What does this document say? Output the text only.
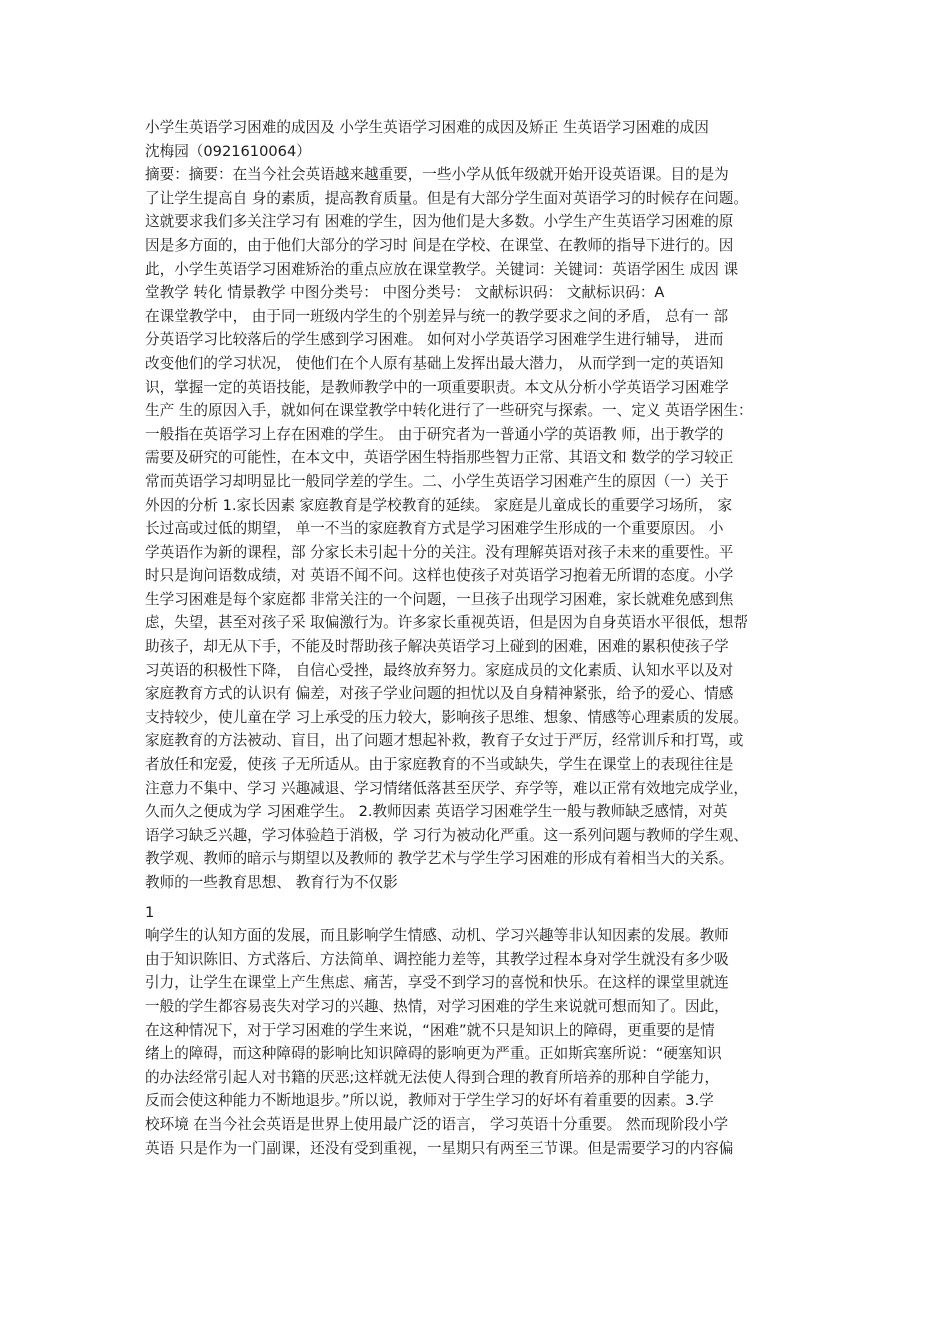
小学生英语学习困难的成因及 小学生英语学习困难的成因及矫正 生英语学习困难的成因
沈梅园（0921610064）
摘要：摘要：在当今社会英语越来越重要，一些小学从低年级就开始开设英语课。目的是为
了让学生提高自 身的素质，提高教育质量。但是有大部分学生面对英语学习的时候存在问题。
这就要求我们多关注学习有 困难的学生，因为他们是大多数。小学生产生英语学习困难的原
因是多方面的，由于他们大部分的学习时 间是在学校、在课堂、在教师的指导下进行的。因
此，小学生英语学习困难矫治的重点应放在课堂教学。关键词：关键词：英语学困生 成因 课
堂教学 转化 情景教学 中图分类号： 中图分类号： 文献标识码： 文献标识码：A
在课堂教学中， 由于同一班级内学生的个别差异与统一的教学要求之间的矛盾， 总有一 部
分英语学习比较落后的学生感到学习困难。 如何对小学英语学习困难学生进行辅导， 进而
改变他们的学习状况， 使他们在个人原有基础上发挥出最大潜力， 从而学到一定的英语知
识，掌握一定的英语技能，是教师教学中的一项重要职责。本文从分析小学英语学习困难学
生产 生的原因入手，就如何在课堂教学中转化进行了一些研究与探索。一、定义 英语学困生：
一般指在英语学习上存在困难的学生。 由于研究者为一普通小学的英语教 师，出于教学的
需要及研究的可能性，在本文中，英语学困生特指那些智力正常、其语文和 数学的学习较正
常而英语学习却明显比一般同学差的学生。二、小学生英语学习困难产生的原因（一）关于
外因的分析 1.家长因素 家庭教育是学校教育的延续。 家庭是儿童成长的重要学习场所， 家
长过高或过低的期望， 单一不当的家庭教育方式是学习困难学生形成的一个重要原因。 小
学英语作为新的课程，部 分家长未引起十分的关注。没有理解英语对孩子未来的重要性。平
时只是询问语数成绩，对 英语不闻不问。这样也使孩子对英语学习抱着无所谓的态度。小学
生学习困难是每个家庭都 非常关注的一个问题，一旦孩子出现学习困难，家长就难免感到焦
虑，失望，甚至对孩子采 取偏激行为。许多家长重视英语，但是因为自身英语水平很低，想帮
助孩子，却无从下手，不能及时帮助孩子解决英语学习上碰到的困难，困难的累积使孩子学
习英语的积极性下降， 自信心受挫，最终放弃努力。家庭成员的文化素质、认知水平以及对
家庭教育方式的认识有 偏差，对孩子学业问题的担忧以及自身精神紧张，给予的爱心、情感
支持较少，使儿童在学 习上承受的压力较大，影响孩子思维、想象、情感等心理素质的发展。
家庭教育的方法被动、盲目，出了问题才想起补救，教育子女过于严厉，经常训斥和打骂，或
者放任和宠爱，使孩 子无所适从。由于家庭教育的不当或缺失，学生在课堂上的表现往往是
注意力不集中、学习 兴趣减退、学习情绪低落甚至厌学、弃学等，难以正常有效地完成学业，
久而久之便成为学 习困难学生。 2.教师因素 英语学习困难学生一般与教师缺乏感情，对英
语学习缺乏兴趣，学习体验趋于消极，学 习行为被动化严重。这一系列问题与教师的学生观、
教学观、教师的暗示与期望以及教师的 教学艺术与学生学习困难的形成有着相当大的关系。
教师的一些教育思想、 教育行为不仅影
1
响学生的认知方面的发展，而且影响学生情感、动机、学习兴趣等非认知因素的发展。教师
由于知识陈旧、方式落后、方法简单、调控能力差等，其教学过程本身对学生就没有多少吸
引力，让学生在课堂上产生焦虑、痛苦，享受不到学习的喜悦和快乐。在这样的课堂里就连
一般的学生都容易丧失对学习的兴趣、热情，对学习困难的学生来说就可想而知了。因此，
在这种情况下，对于学习困难的学生来说，“困难”就不只是知识上的障碍，更重要的是情
绪上的障碍，而这种障碍的影响比知识障碍的影响更为严重。正如斯宾塞所说：“硬塞知识
的办法经常引起人对书籍的厌恶;这样就无法使人得到合理的教育所培养的那种自学能力，
反而会使这种能力不断地退步。”所以说，教师对于学生学习的好坏有着重要的因素。3.学
校环境 在当今社会英语是世界上使用最广泛的语言， 学习英语十分重要。 然而现阶段小学
英语 只是作为一门副课，还没有受到重视，一星期只有两至三节课。但是需要学习的内容偏
